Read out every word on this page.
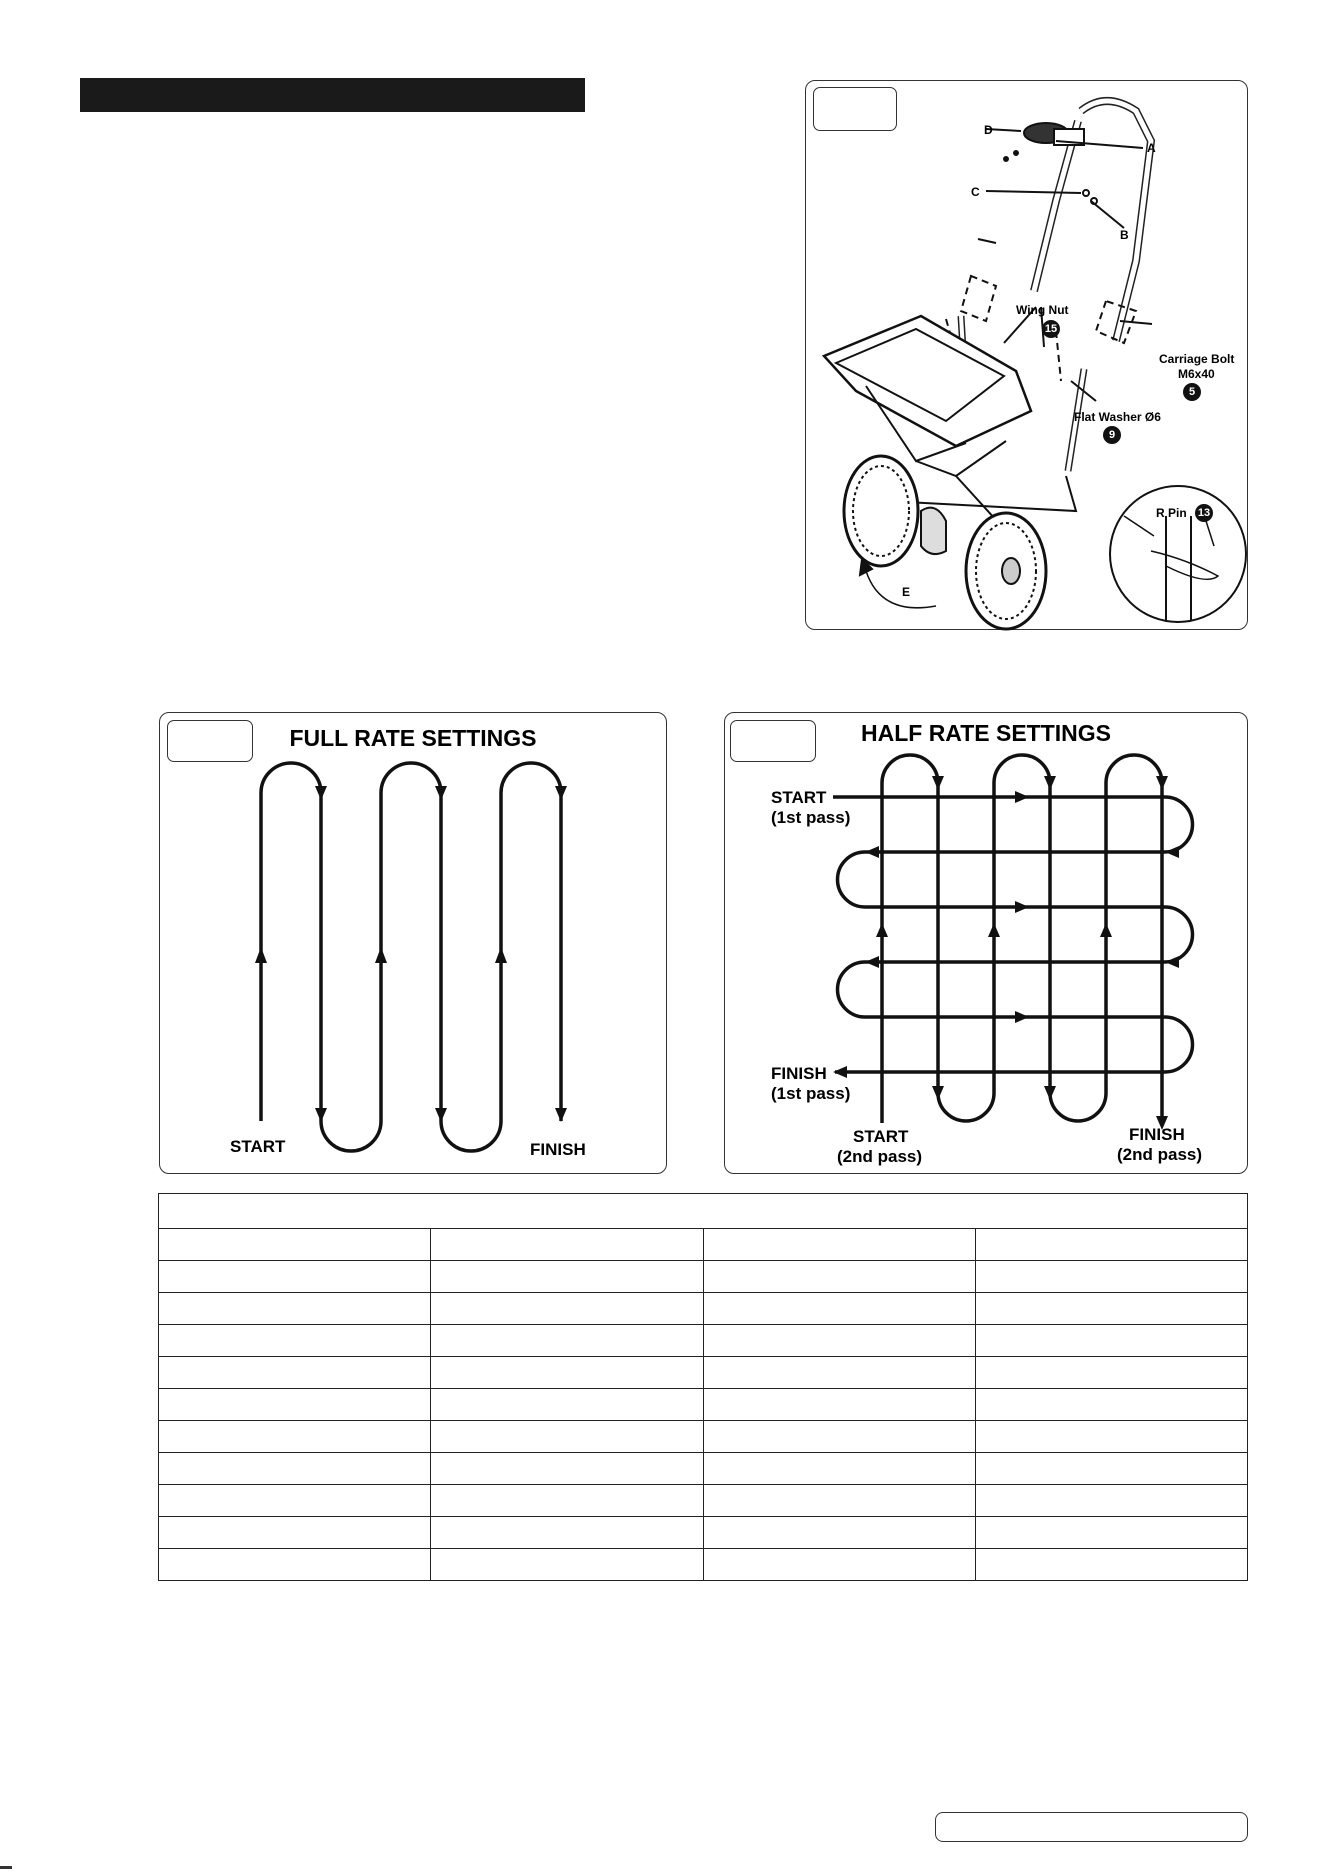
D
A
C
B
Wing Nut
15
Carriage Bolt
M6x40
5
Flat Washer Ø6
9
R Pin 13
E
FULL RATE SETTINGS
START	FINISH
HALF RATE SETTINGS
START
(1st pass)
FINISH
(1st pass)
START
(2nd pass)
FINISH
(2nd pass)
